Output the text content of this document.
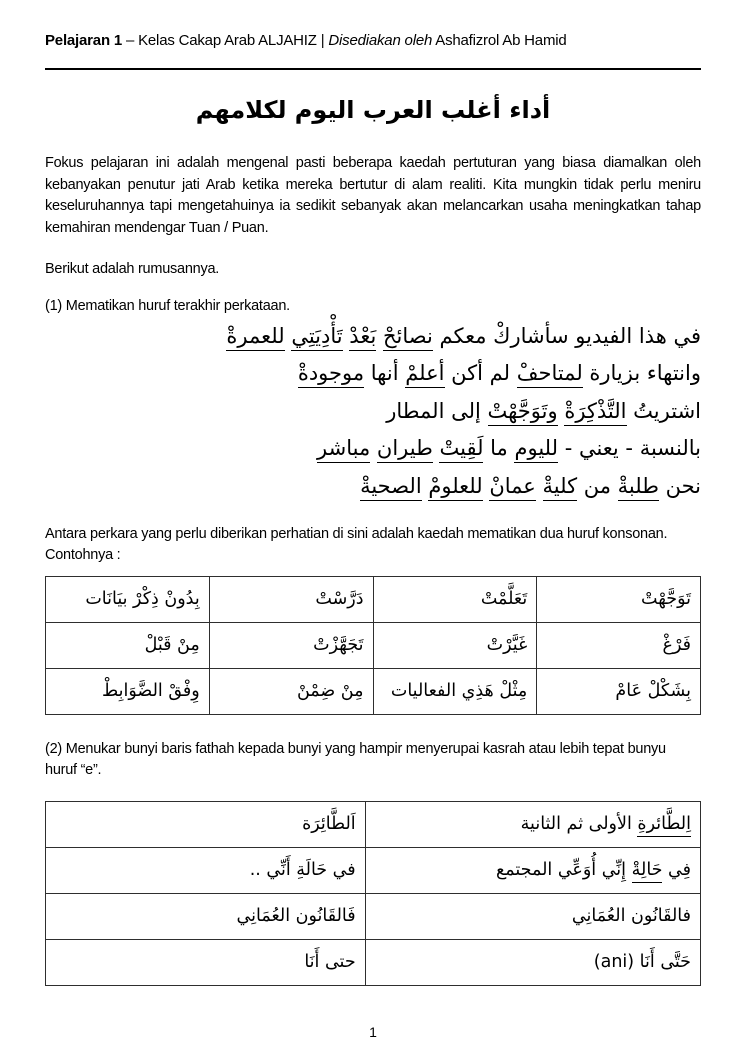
Pelajaran 1 – Kelas Cakap Arab ALJAHIZ | Disediakan oleh Ashafizrol Ab Hamid
أداء أغلب العرب اليوم لكلامهم
Fokus pelajaran ini adalah mengenal pasti beberapa kaedah pertuturan yang biasa diamalkan oleh kebanyakan penutur jati Arab ketika mereka bertutur di alam realiti. Kita mungkin tidak perlu meniru keseluruhannya tapi mengetahuinya ia sedikit sebanyak akan melancarkan usaha meningkatkan tahap kemahiran mendengar Tuan / Puan.
Berikut adalah rumusannya.
(1) Mematikan huruf terakhir perkataan.
في هذا الفيديو سأشاركْ معكم نصائحْ بَعْدْ تَأْدِيَتِي للعمرةْ
وانتهاء بزيارة لمتاحفْ لم أكن أعلمْ أنها موجودةْ
اشتريتُ التَّذْكِرَةْ وتَوَجَّهْتْ إلى المطار
بالنسبة - يعني - لليوم ما لَقِيتْ طيران مباشر
نحن طلبةْ من كليةْ عمانْ للعلومْ الصحيةْ
Antara perkara yang perlu diberikan perhatian di sini adalah kaedah mematikan dua huruf konsonan.
Contohnya :
تَوَجَّهْتْ	تَعَلَّمْتْ	دَرَّسْتْ	بِدُونْ ذِكْرْ بيَانَات
فَرْغْ	غَيَّرْتْ	تَجَهَّزْتْ	مِنْ قَبْلْ
بِشَكْلْ عَامْ	مِثْلْ هَذِي الفعاليات	مِنْ ضِمْنْ	وِفْقْ الضَّوَابِطْ
(2) Menukar bunyi baris fathah kepada bunyi yang hampir menyerupai kasrah atau lebih tepat bunyu
huruf “e”.
اِلطَّائرةِ الأولى ثم الثانية	اَلطَّائِرَة
فِي حَالِةْ إِنِّي أُوَعِّي المجتمع	في حَالَةِ أَنِّي ..
فالقَانُون العُمَانِي	فَالقَانُون العُمَانِي
حَتَّى أَنَا (ani)	حتى أَنَا
1
